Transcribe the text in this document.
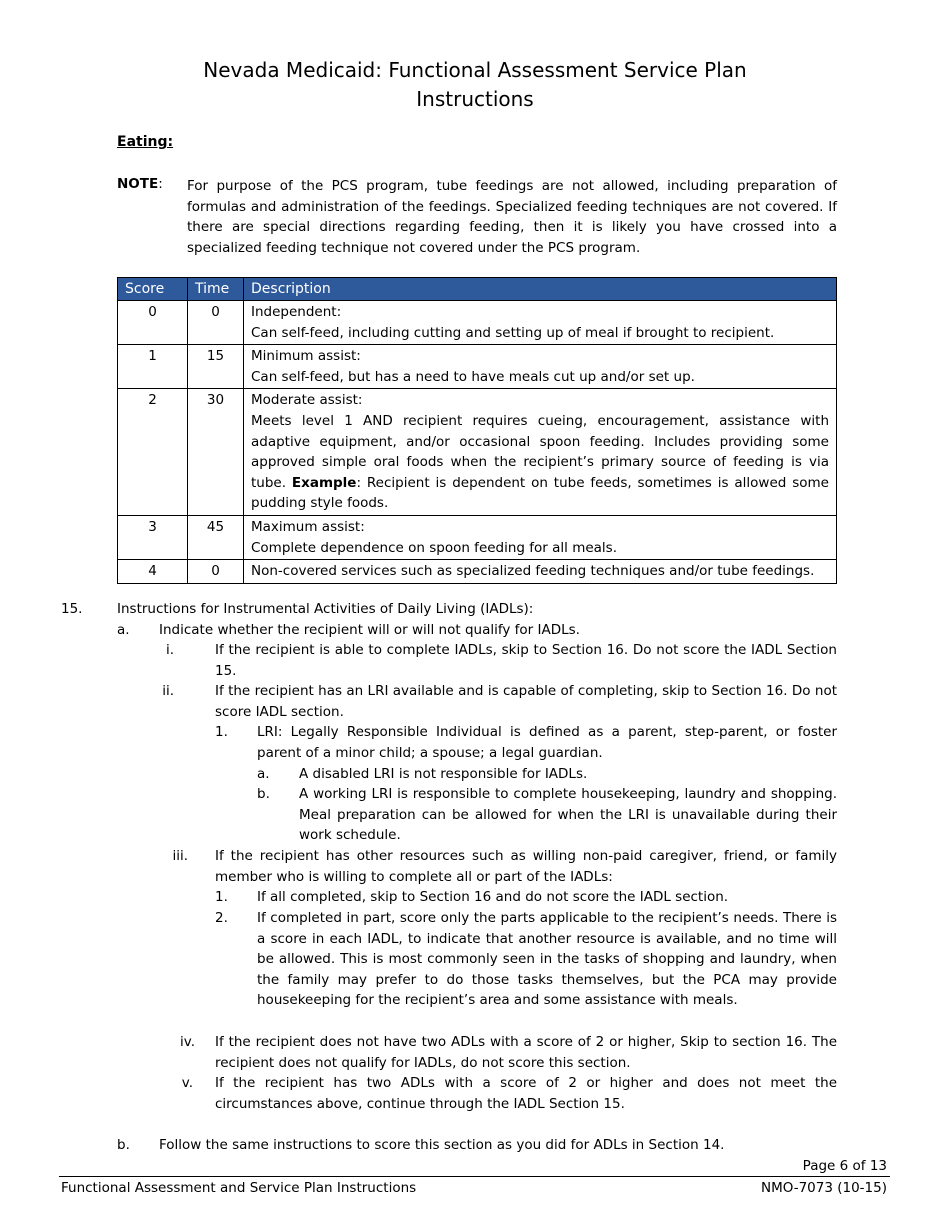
Nevada Medicaid: Functional Assessment Service Plan
Instructions
Eating:
NOTE: For purpose of the PCS program, tube feedings are not allowed, including preparation of formulas and administration of the feedings. Specialized feeding techniques are not covered. If there are special directions regarding feeding, then it is likely you have crossed into a specialized feeding technique not covered under the PCS program.
Score	Time	Description
0	0	Independent:
Can self-feed, including cutting and setting up of meal if brought to recipient.

1	15	Minimum assist:
Can self-feed, but has a need to have meals cut up and/or set up.

2	30	Moderate assist:
Meets level 1 AND recipient requires cueing, encouragement, assistance with adaptive equipment, and/or occasional spoon feeding. Includes providing some approved simple oral foods when the recipient’s primary source of feeding is via tube. Example: Recipient is dependent on tube feeds, sometimes is allowed some pudding style foods.

3	45	Maximum assist:
Complete dependence on spoon feeding for all meals.

4	0	Non-covered services such as specialized feeding techniques and/or tube feedings.
15.	Instructions for Instrumental Activities of Daily Living (IADLs):
a. Indicate whether the recipient will or will not qualify for IADLs.
i.	If the recipient is able to complete IADLs, skip to Section 16. Do not score the IADL Section 15.
ii.	If the recipient has an LRI available and is capable of completing, skip to Section 16. Do not score IADL section.
1. LRI: Legally Responsible Individual is defined as a parent, step-parent, or foster parent of a minor child; a spouse; a legal guardian.
a. A disabled LRI is not responsible for IADLs.
b. A working LRI is responsible to complete housekeeping, laundry and shopping. Meal preparation can be allowed for when the LRI is unavailable during their work schedule.
iii. If the recipient has other resources such as willing non-paid caregiver, friend, or family member who is willing to complete all or part of the IADLs:
1. If all completed, skip to Section 16 and do not score the IADL section.
2. If completed in part, score only the parts applicable to the recipient’s needs. There is a score in each IADL, to indicate that another resource is available, and no time will be allowed. This is most commonly seen in the tasks of shopping and laundry, when the family may prefer to do those tasks themselves, but the PCA may provide housekeeping for the recipient’s area and some assistance with meals.
iv. If the recipient does not have two ADLs with a score of 2 or higher, Skip to section 16. The recipient does not qualify for IADLs, do not score this section.
v. If the recipient has two ADLs with a score of 2 or higher and does not meet the circumstances above, continue through the IADL Section 15.
b. Follow the same instructions to score this section as you did for ADLs in Section 14.
Page 6 of 13
Functional Assessment and Service Plan Instructions	NMO-7073 (10-15)
